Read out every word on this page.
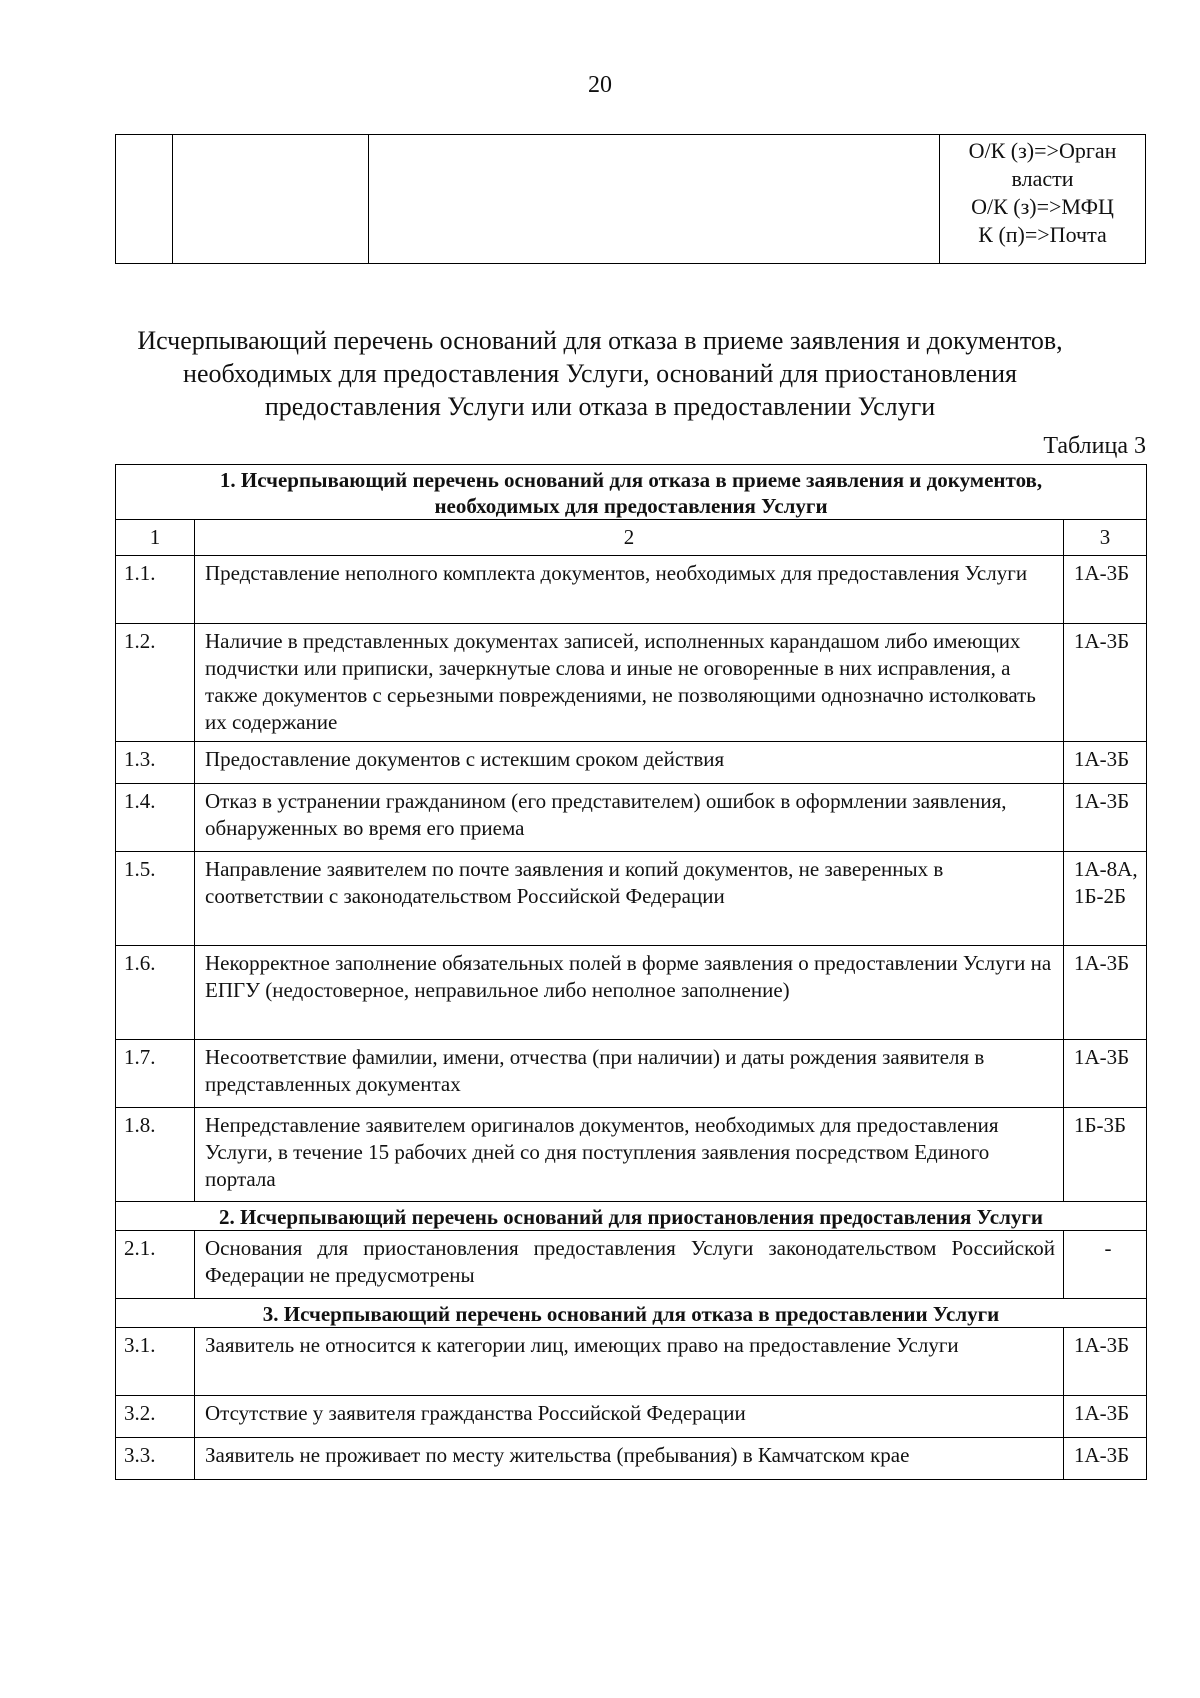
20

О/К (з)=>Орган
власти
О/К (з)=>МФЦ
К (п)=>Почта
Исчерпывающий перечень оснований для отказа в приеме заявления и документов,
необходимых для предоставления Услуги, оснований для приостановления
предоставления Услуги или отказа в предоставлении Услуги
Таблица 3
1. Исчерпывающий перечень оснований для отказа в приеме заявления и документов,
необходимых для предоставления Услуги		

1	2	3
1.1.	Представление неполного комплекта документов, необходимых для предоставления Услуги	1А-3Б
1.2.	Наличие в представленных документах записей, исполненных карандашом либо имеющих подчистки или приписки, зачеркнутые слова и иные не оговоренные в них исправления, а также документов с серьезными повреждениями, не позволяющими однозначно истолковать их содержание	1А-3Б
1.3.	Предоставление документов с истекшим сроком действия	1А-3Б
1.4.	Отказ в устранении гражданином (его представителем) ошибок в оформлении заявления, обнаруженных во время его приема	1А-3Б
1.5.	Направление заявителем по почте заявления и копий документов, не заверенных в соответствии с законодательством Российской Федерации	1А-8А, 1Б-2Б
1.6.	Некорректное заполнение обязательных полей в форме заявления о предоставлении Услуги на ЕПГУ (недостоверное, неправильное либо неполное заполнение)	1А-3Б
1.7.	Несоответствие фамилии, имени, отчества (при наличии) и даты рождения заявителя в представленных документах	1А-3Б
1.8.	Непредставление заявителем оригиналов документов, необходимых для предоставления Услуги, в течение 15 рабочих дней со дня поступления заявления посредством Единого портала	1Б-3Б
2. Исчерпывающий перечень оснований для приостановления предоставления Услуги		
2.1.	Основания для приостановления предоставления Услуги законодательством Российской Федерации не предусмотрены	-
3. Исчерпывающий перечень оснований для отказа в предоставлении Услуги		
3.1.	Заявитель не относится к категории лиц, имеющих право на предоставление Услуги	1А-3Б
3.2.	Отсутствие у заявителя гражданства Российской Федерации	1А-3Б
3.3.	Заявитель не проживает по месту жительства (пребывания) в Камчатском крае	1А-3Б
